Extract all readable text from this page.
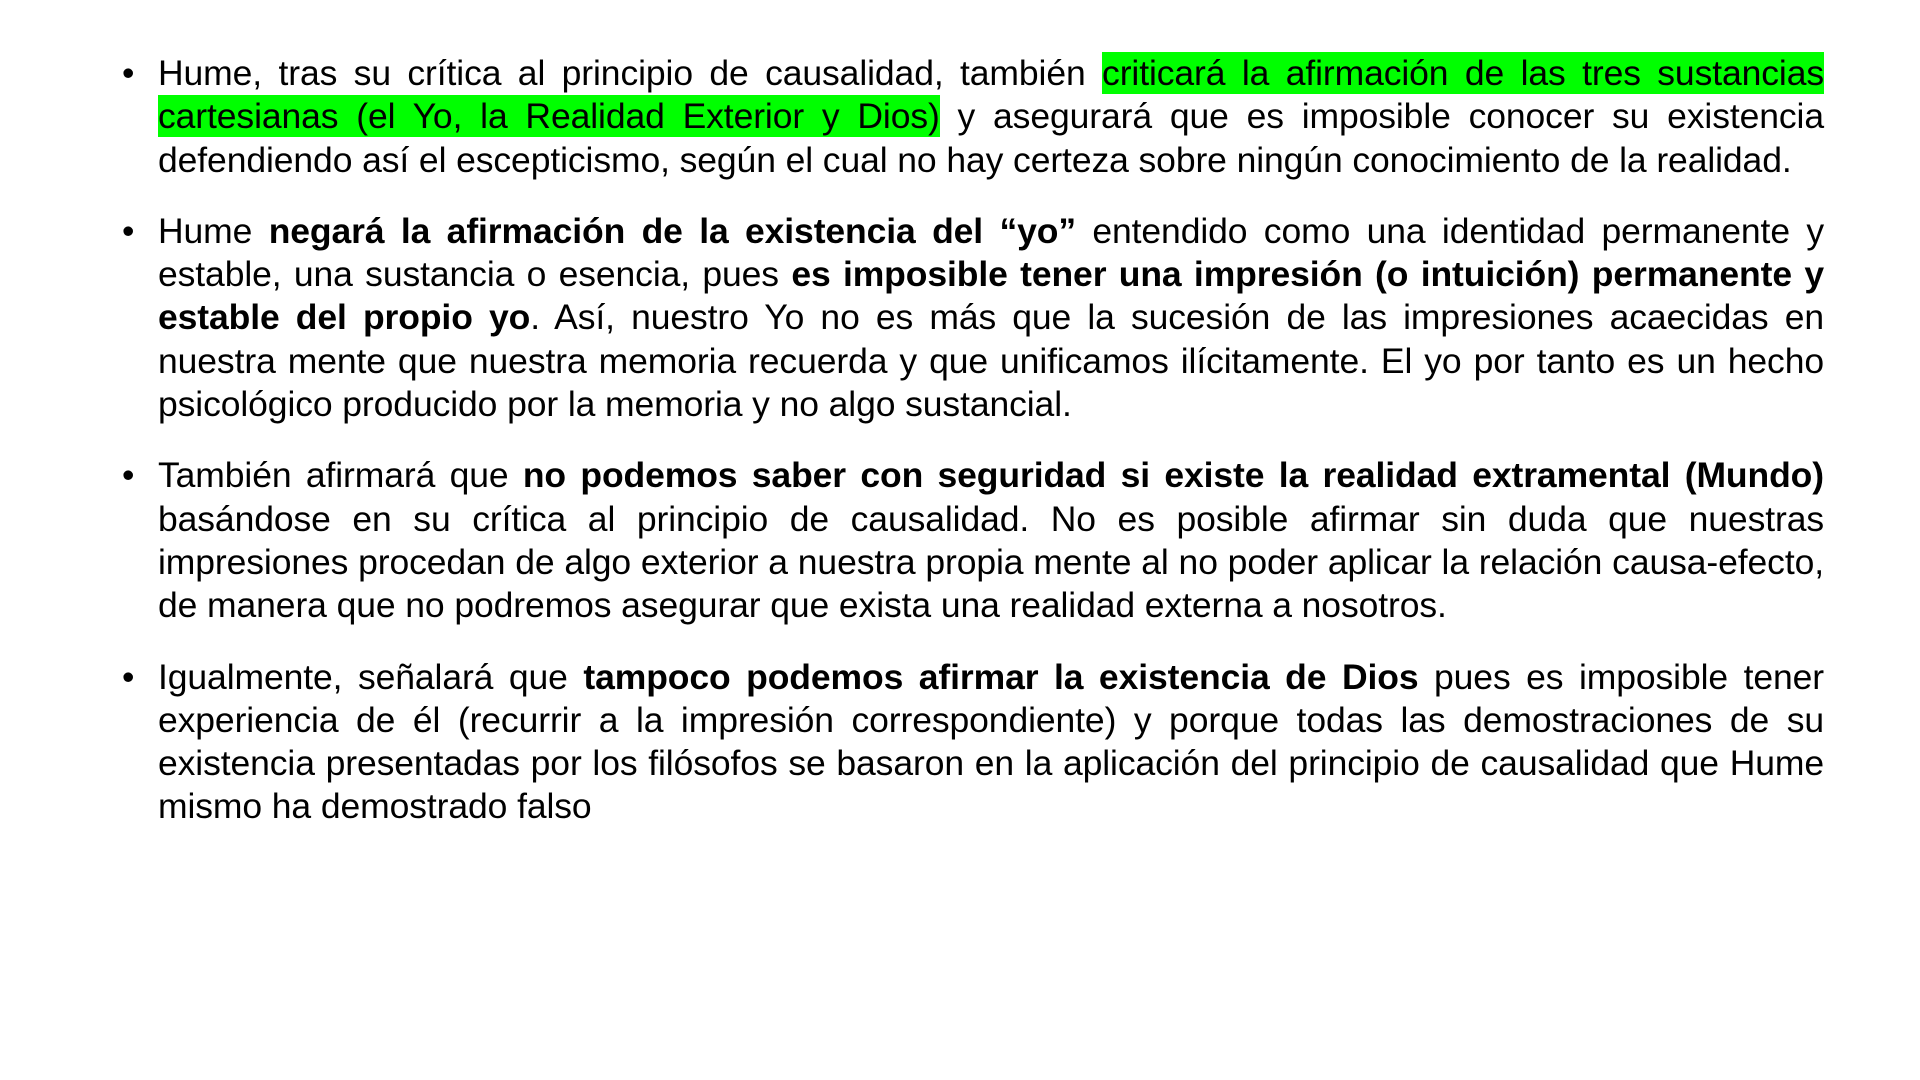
• Hume, tras su crítica al principio de causalidad, también criticará la afirmación de las tres sustancias cartesianas (el Yo, la Realidad Exterior y Dios) y asegurará que es imposible conocer su existencia defendiendo así el escepticismo, según el cual no hay certeza sobre ningún conocimiento de la realidad.

• Hume negará la afirmación de la existencia del “yo” entendido como una identidad permanente y estable, una sustancia o esencia, pues es imposible tener una impresión (o intuición) permanente y estable del propio yo. Así, nuestro Yo no es más que la sucesión de las impresiones acaecidas en nuestra mente que nuestra memoria recuerda y que unificamos ilícitamente. El yo por tanto es un hecho psicológico producido por la memoria y no algo sustancial.

• También afirmará que no podemos saber con seguridad si existe la realidad extramental (Mundo) basándose en su crítica al principio de causalidad. No es posible afirmar sin duda que nuestras impresiones procedan de algo exterior a nuestra propia mente al no poder aplicar la relación causa-efecto, de manera que no podremos asegurar que exista una realidad externa a nosotros.

• Igualmente, señalará que tampoco podemos afirmar la existencia de Dios pues es imposible tener experiencia de él (recurrir a la impresión correspondiente) y porque todas las demostraciones de su existencia presentadas por los filósofos se basaron en la aplicación del principio de causalidad que Hume mismo ha demostrado falso
